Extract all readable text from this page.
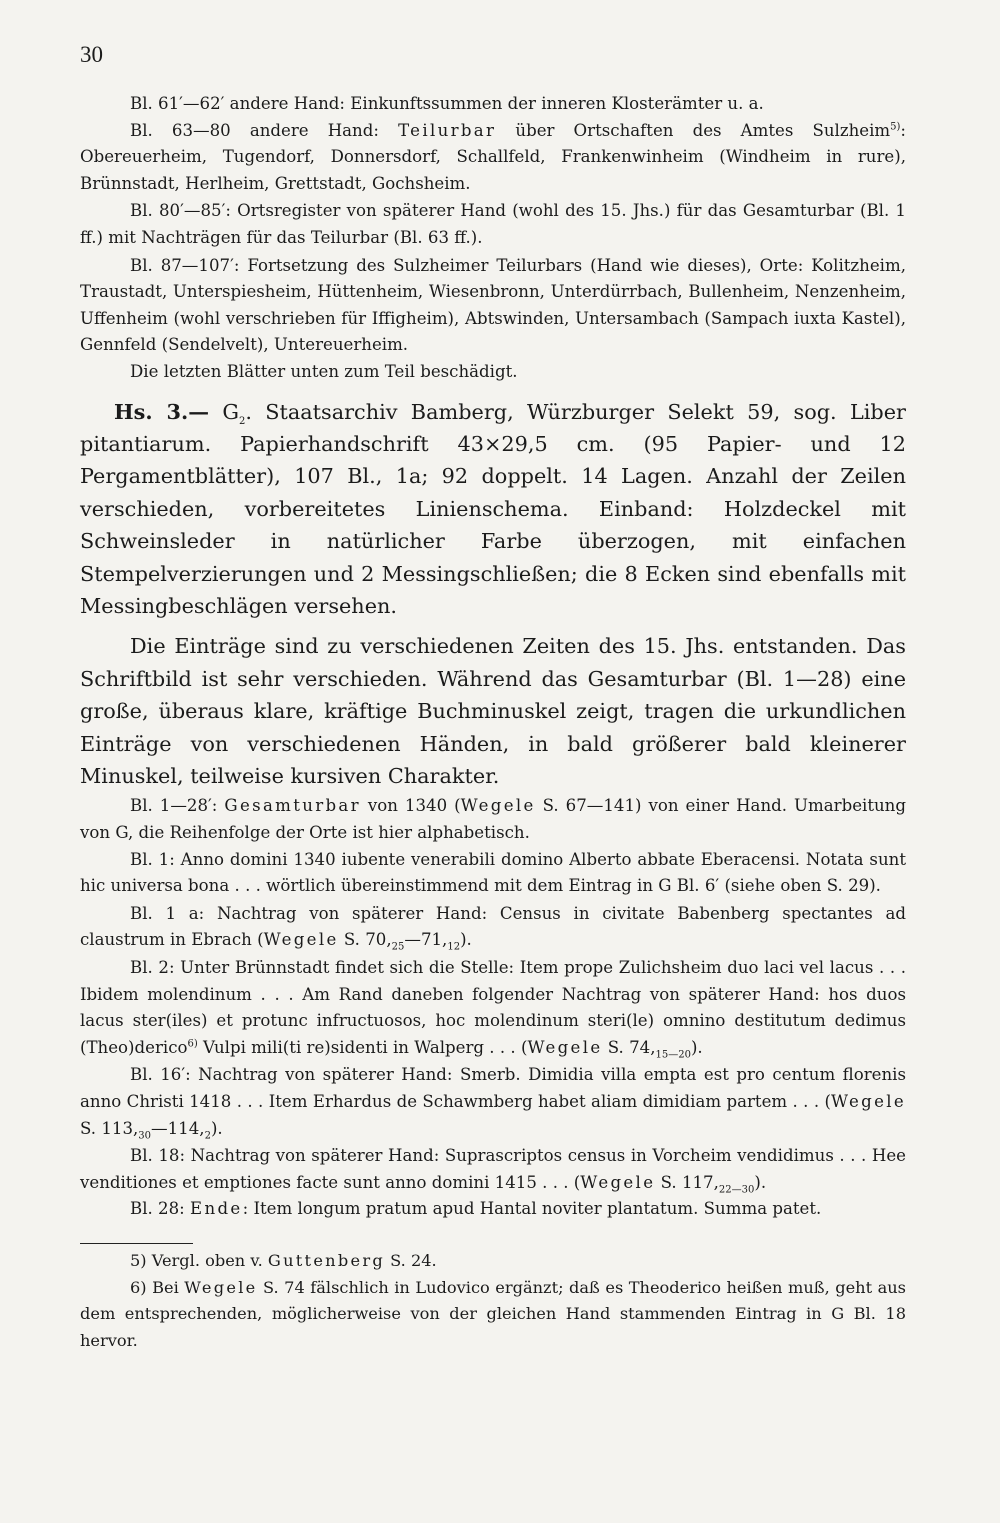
30

Bl. 61′—62′ andere Hand: Einkunftssummen der inneren Klosterämter u. a.

Bl. 63—80 andere Hand: Teilurbar über Ortschaften des Amtes Sulzheim$^{5)}$: Obereuerheim, Tugendorf, Donnersdorf, Schallfeld, Frankenwinheim (Windheim in rure), Brünnstadt, Herlheim, Grettstadt, Gochsheim.

Bl. 80′—85′: Ortsregister von späterer Hand (wohl des 15. Jhs.) für das Gesamturbar (Bl. 1 ff.) mit Nachträgen für das Teilurbar (Bl. 63 ff.).

Bl. 87—107′: Fortsetzung des Sulzheimer Teilurbars (Hand wie dieses), Orte: Kolitzheim, Traustadt, Unterspiesheim, Hüttenheim, Wiesenbronn, Unterdürrbach, Bullenheim, Nenzenheim, Uffenheim (wohl verschrieben für Iffigheim), Abtswinden, Untersambach (Sampach iuxta Kastel), Gennfeld (Sendelvelt), Untereuerheim.

Die letzten Blätter unten zum Teil beschädigt.

Hs. 3.— $G_2$. Staatsarchiv Bamberg, Würzburger Selekt 59, sog. Liber pitantiarum. Papierhandschrift 43×29,5 cm. (95 Papier- und 12 Pergamentblätter), 107 Bl., 1a; 92 doppelt. 14 Lagen. Anzahl der Zeilen verschieden, vorbereitetes Linienschema. Einband: Holzdeckel mit Schweinsleder in natürlicher Farbe überzogen, mit einfachen Stempelverzierungen und 2 Messingschließen; die 8 Ecken sind ebenfalls mit Messingbeschlägen versehen.

Die Einträge sind zu verschiedenen Zeiten des 15. Jhs. entstanden. Das Schriftbild ist sehr verschieden. Während das Gesamturbar (Bl. 1—28) eine große, überaus klare, kräftige Buchminuskel zeigt, tragen die urkundlichen Einträge von verschiedenen Händen, in bald größerer bald kleinerer Minuskel, teilweise kursiven Charakter.

Bl. 1—28′: Gesamturbar von 1340 (Wegele S. 67—141) von einer Hand. Umarbeitung von G, die Reihenfolge der Orte ist hier alphabetisch.

Bl. 1: Anno domini 1340 iubente venerabili domino Alberto abbate Eberacensi. Notata sunt hic universa bona . . . wörtlich übereinstimmend mit dem Eintrag in G Bl. 6′ (siehe oben S. 29).

Bl. 1 a: Nachtrag von späterer Hand: Census in civitate Babenberg spectantes ad claustrum in Ebrach (Wegele S. $70,_{25}—71,_{12}$).

Bl. 2: Unter Brünnstadt findet sich die Stelle: Item prope Zulichsheim duo laci vel lacus . . . Ibidem molendinum . . . Am Rand daneben folgender Nachtrag von späterer Hand: hos duos lacus ster(iles) et protunc infructuosos, hoc molendinum steri(le) omnino destitutum dedimus (Theo)derico$^{6)}$ Vulpi mili(ti re)sidenti in Walperg . . . (Wegele S. $74,_{15—20}$).

Bl. 16′: Nachtrag von späterer Hand: Smerb. Dimidia villa empta est pro centum florenis anno Christi 1418 . . . Item Erhardus de Schawmberg habet aliam dimidiam partem . . . (Wegele S. $113,_{30}—114,_2$).

Bl. 18: Nachtrag von späterer Hand: Suprascriptos census in Vorcheim vendidimus . . . Hee venditiones et emptiones facte sunt anno domini 1415 . . . (Wegele S. $117,_{22—30}$).

Bl. 28: Ende: Item longum pratum apud Hantal noviter plantatum. Summa patet.

5) Vergl. oben v. Guttenberg S. 24.

6) Bei Wegele S. 74 fälschlich in Ludovico ergänzt; daß es Theoderico heißen muß, geht aus dem entsprechenden, möglicherweise von der gleichen Hand stammenden Eintrag in G Bl. 18 hervor.
